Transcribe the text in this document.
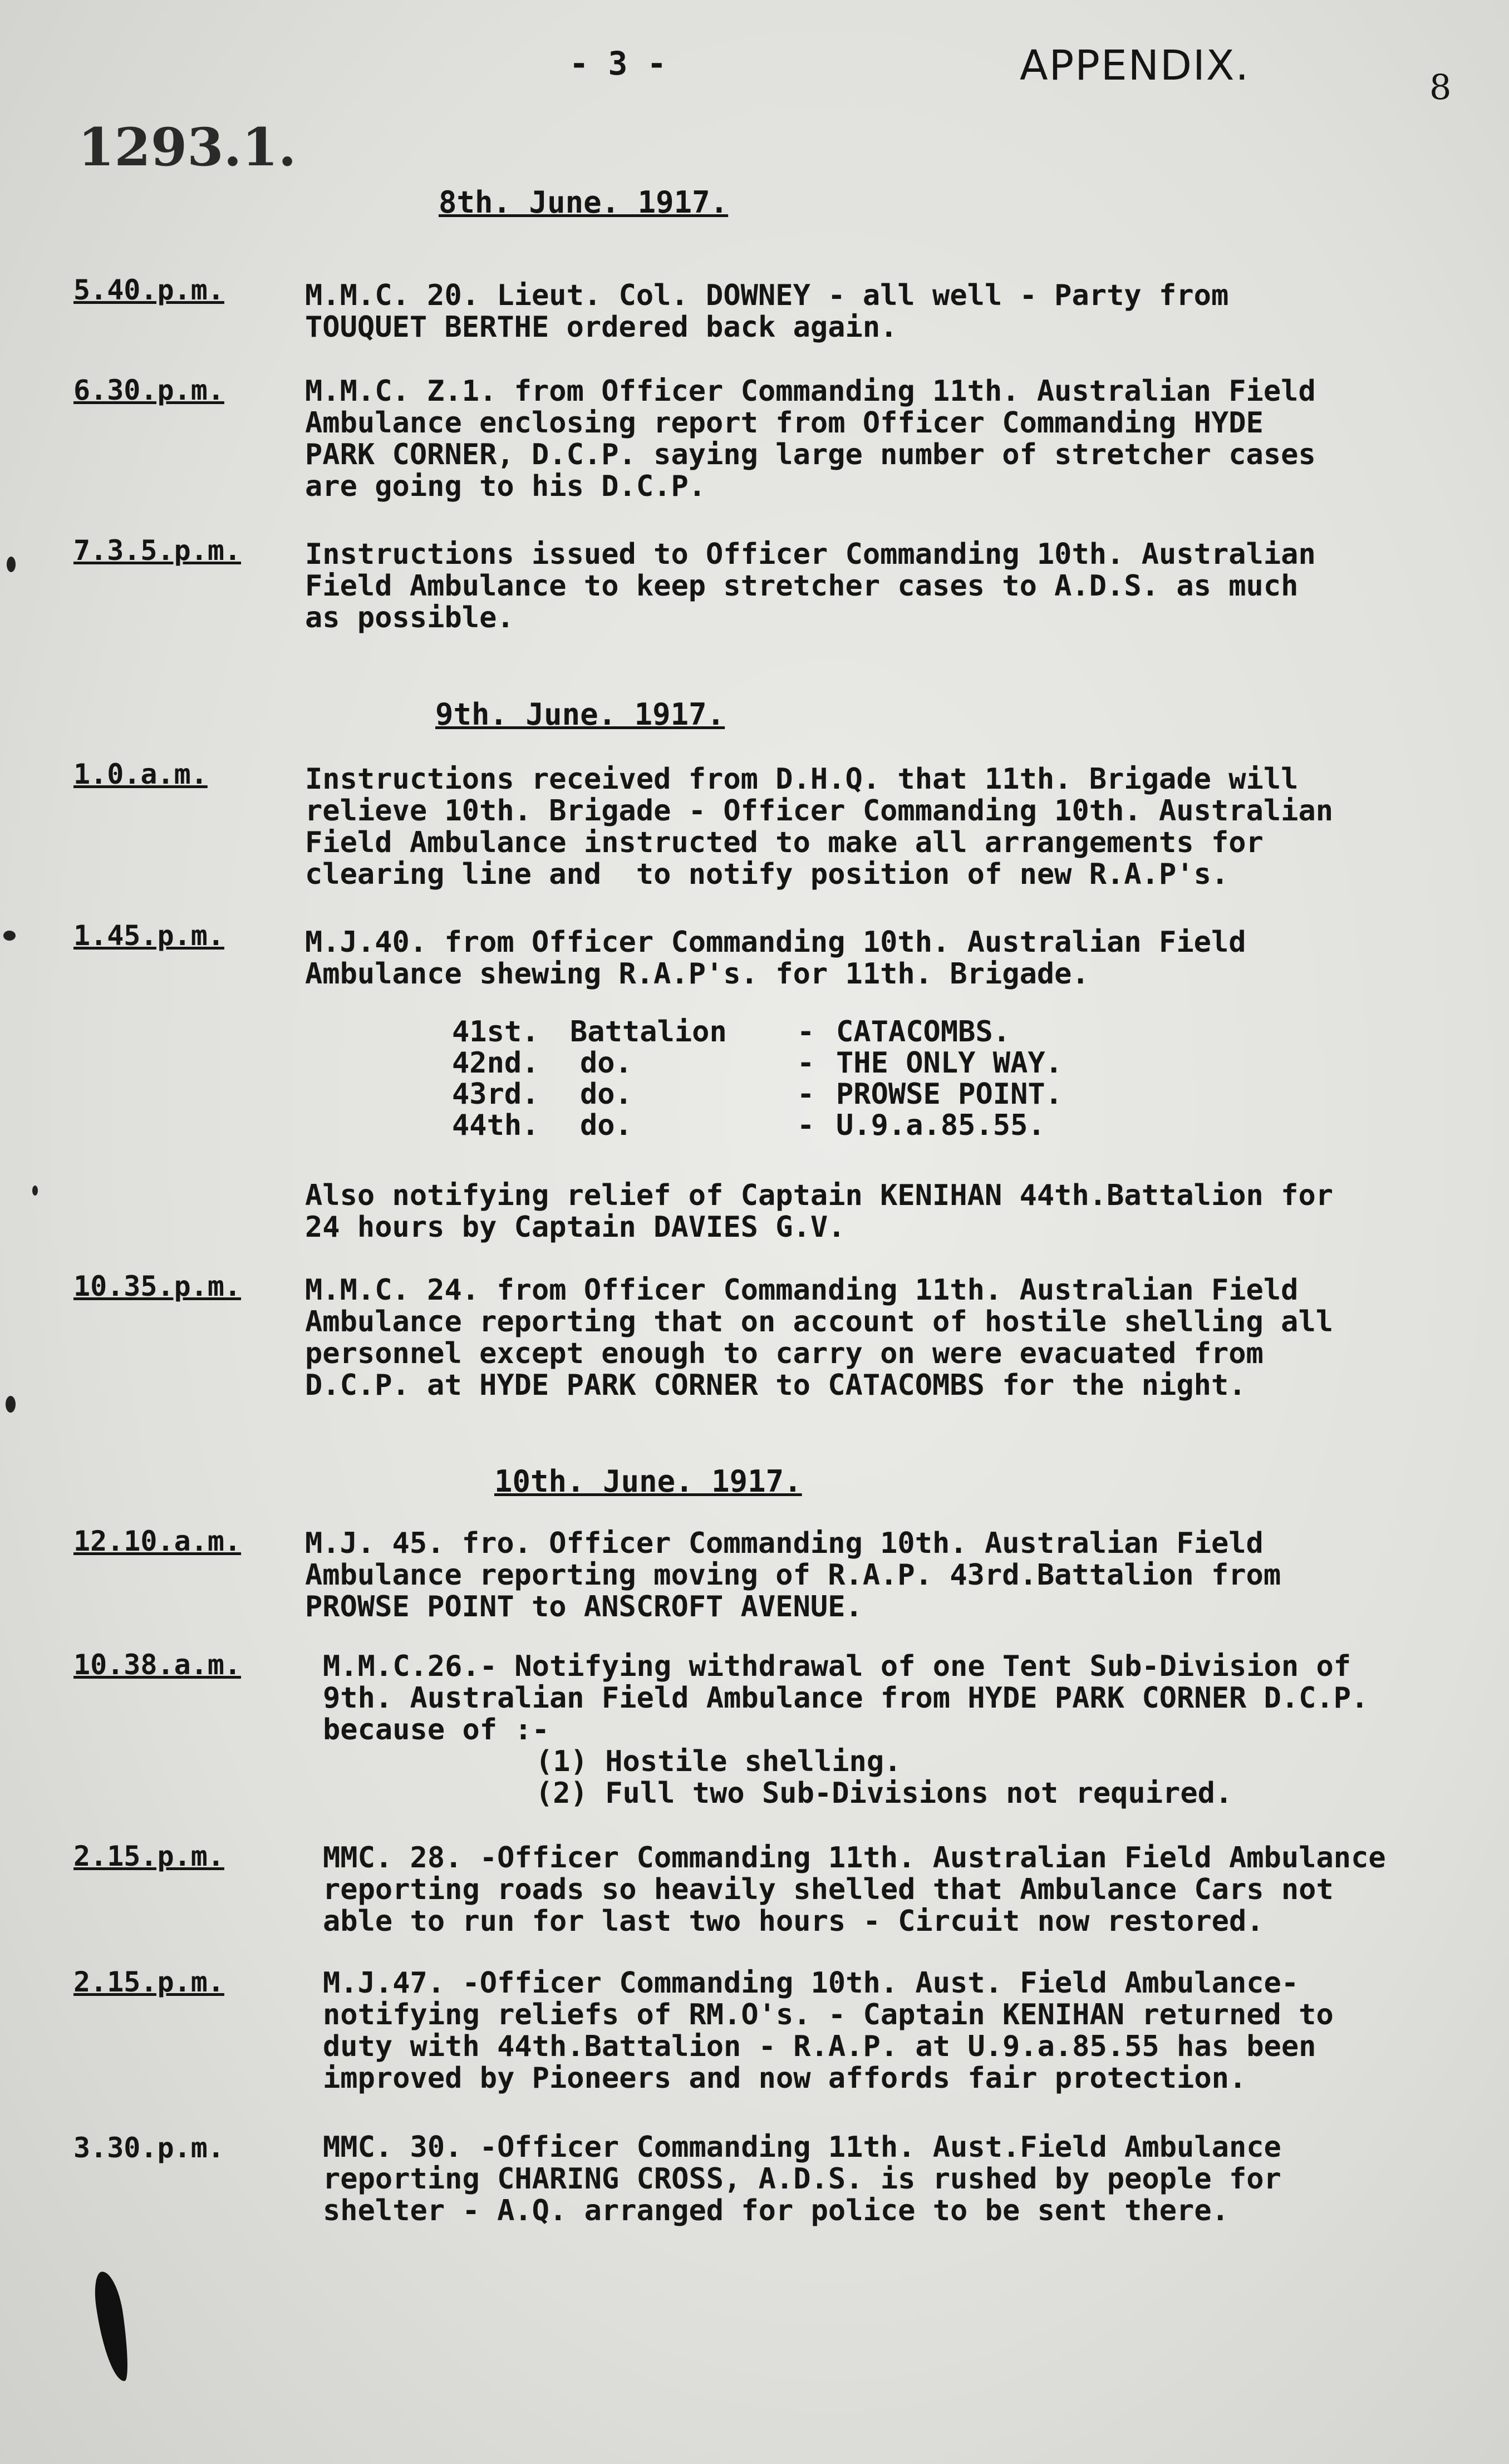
- 3 -	APPENDIX.	8
1293.1.
8th. June. 1917.
5.40.p.m.	M.M.C. 20. Lieut. Col. DOWNEY - all well - Party from
TOUQUET BERTHE ordered back again.
6.30.p.m.	M.M.C. Z.1. from Officer Commanding 11th. Australian Field
Ambulance enclosing report from Officer Commanding HYDE
PARK CORNER, D.C.P. saying large number of stretcher cases
are going to his D.C.P.
7.3.5.p.m. Instructions issued to Officer Commanding 10th. Australian
Field Ambulance to keep stretcher cases to A.D.S. as much
as possible.
9th. June. 1917.
1.0.a.m.	Instructions received from D.H.Q. that 11th. Brigade will
relieve 10th. Brigade - Officer Commanding 10th. Australian
Field Ambulance instructed to make all arrangements for
clearing line and  to notify position of new R.A.P's.
1.45.p.m.	M.J.40. from Officer Commanding 10th. Australian Field
Ambulance shewing R.A.P's. for 11th. Brigade.
41st.	Battalion	- CATACOMBS.
42nd.	do.	- THE ONLY WAY.
43rd.	do.	- PROWSE POINT.
44th.	do.	- U.9.a.85.55.
Also notifying relief of Captain KENIHAN 44th.Battalion for
24 hours by Captain DAVIES G.V.
10.35.p.m. M.M.C. 24. from Officer Commanding 11th. Australian Field
Ambulance reporting that on account of hostile shelling all
personnel except enough to carry on were evacuated from
D.C.P. at HYDE PARK CORNER to CATACOMBS for the night.
10th. June. 1917.
12.10.a.m. M.J. 45. fro. Officer Commanding 10th. Australian Field
Ambulance reporting moving of R.A.P. 43rd.Battalion from
PROWSE POINT to ANSCROFT AVENUE.
10.38.a.m.	M.M.C.26.- Notifying withdrawal of one Tent Sub-Division of
9th. Australian Field Ambulance from HYDE PARK CORNER D.C.P.
because of :-
(1) Hostile shelling.
(2) Full two Sub-Divisions not required.
2.15.p.m.	MMC. 28. -Officer Commanding 11th. Australian Field Ambulance
reporting roads so heavily shelled that Ambulance Cars not
able to run for last two hours - Circuit now restored.
2.15.p.m.	M.J.47. -Officer Commanding 10th. Aust. Field Ambulance-
notifying reliefs of RM.O's. - Captain KENIHAN returned to
duty with 44th.Battalion - R.A.P. at U.9.a.85.55 has been
improved by Pioneers and now affords fair protection.
3.30.p.m.	MMC. 30. -Officer Commanding 11th. Aust.Field Ambulance
reporting CHARING CROSS, A.D.S. is rushed by people for
shelter - A.Q. arranged for police to be sent there.
